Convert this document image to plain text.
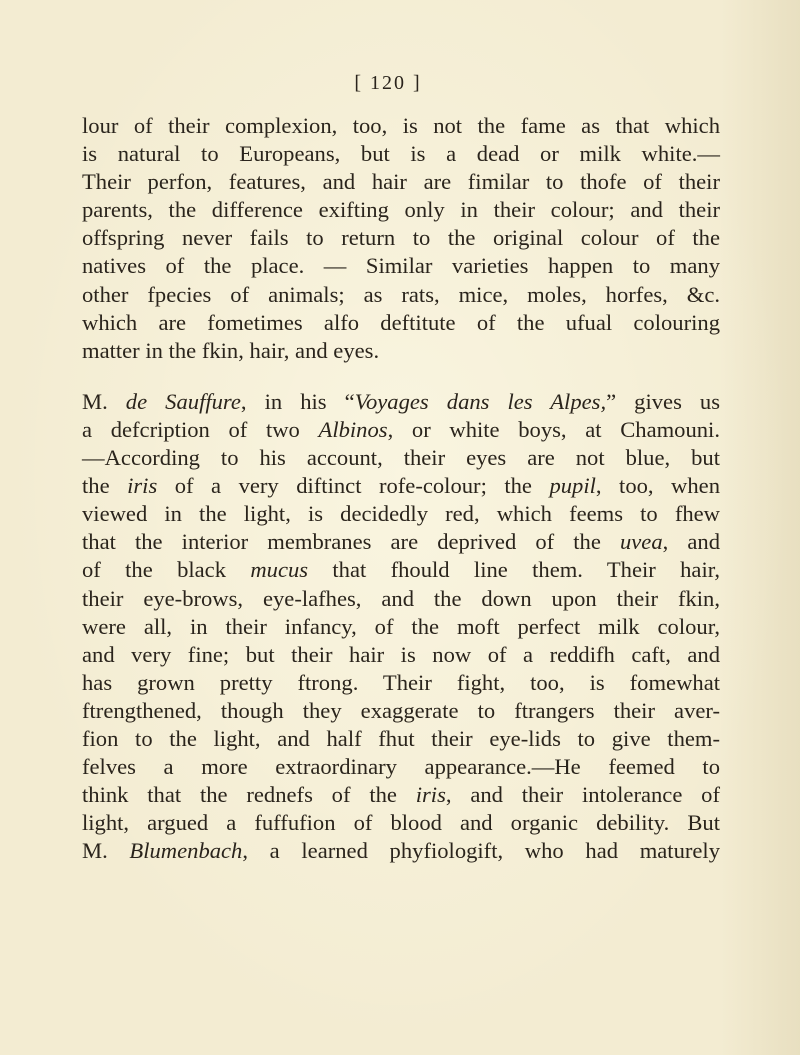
[ 120 ]
lour of their complexion, too, is not the fame as that which
is natural to Europeans, but is a dead or milk white.—
Their perfon, features, and hair are fimilar to thofe of their
parents, the difference exifting only in their colour; and their
offspring never fails to return to the original colour of the
natives of the place. — Similar varieties happen to many
other fpecies of animals; as rats, mice, moles, horfes, &c.
which are fometimes alfo deftitute of the ufual colouring
matter in the fkin, hair, and eyes.
M. de Sauffure, in his “Voyages dans les Alpes,” gives us
a defcription of two Albinos, or white boys, at Chamouni.
—According to his account, their eyes are not blue, but
the iris of a very diftinct rofe-colour; the pupil, too, when
viewed in the light, is decidedly red, which feems to fhew
that the interior membranes are deprived of the uvea, and
of the black mucus that fhould line them. Their hair,
their eye-brows, eye-lafhes, and the down upon their fkin,
were all, in their infancy, of the moft perfect milk colour,
and very fine; but their hair is now of a reddifh caft, and
has grown pretty ftrong. Their fight, too, is fomewhat
ftrengthened, though they exaggerate to ftrangers their aver-
fion to the light, and half fhut their eye-lids to give them-
felves a more extraordinary appearance.—He feemed to
think that the rednefs of the iris, and their intolerance of
light, argued a fuffufion of blood and organic debility. But
M. Blumenbach, a learned phyfiologift, who had maturely
